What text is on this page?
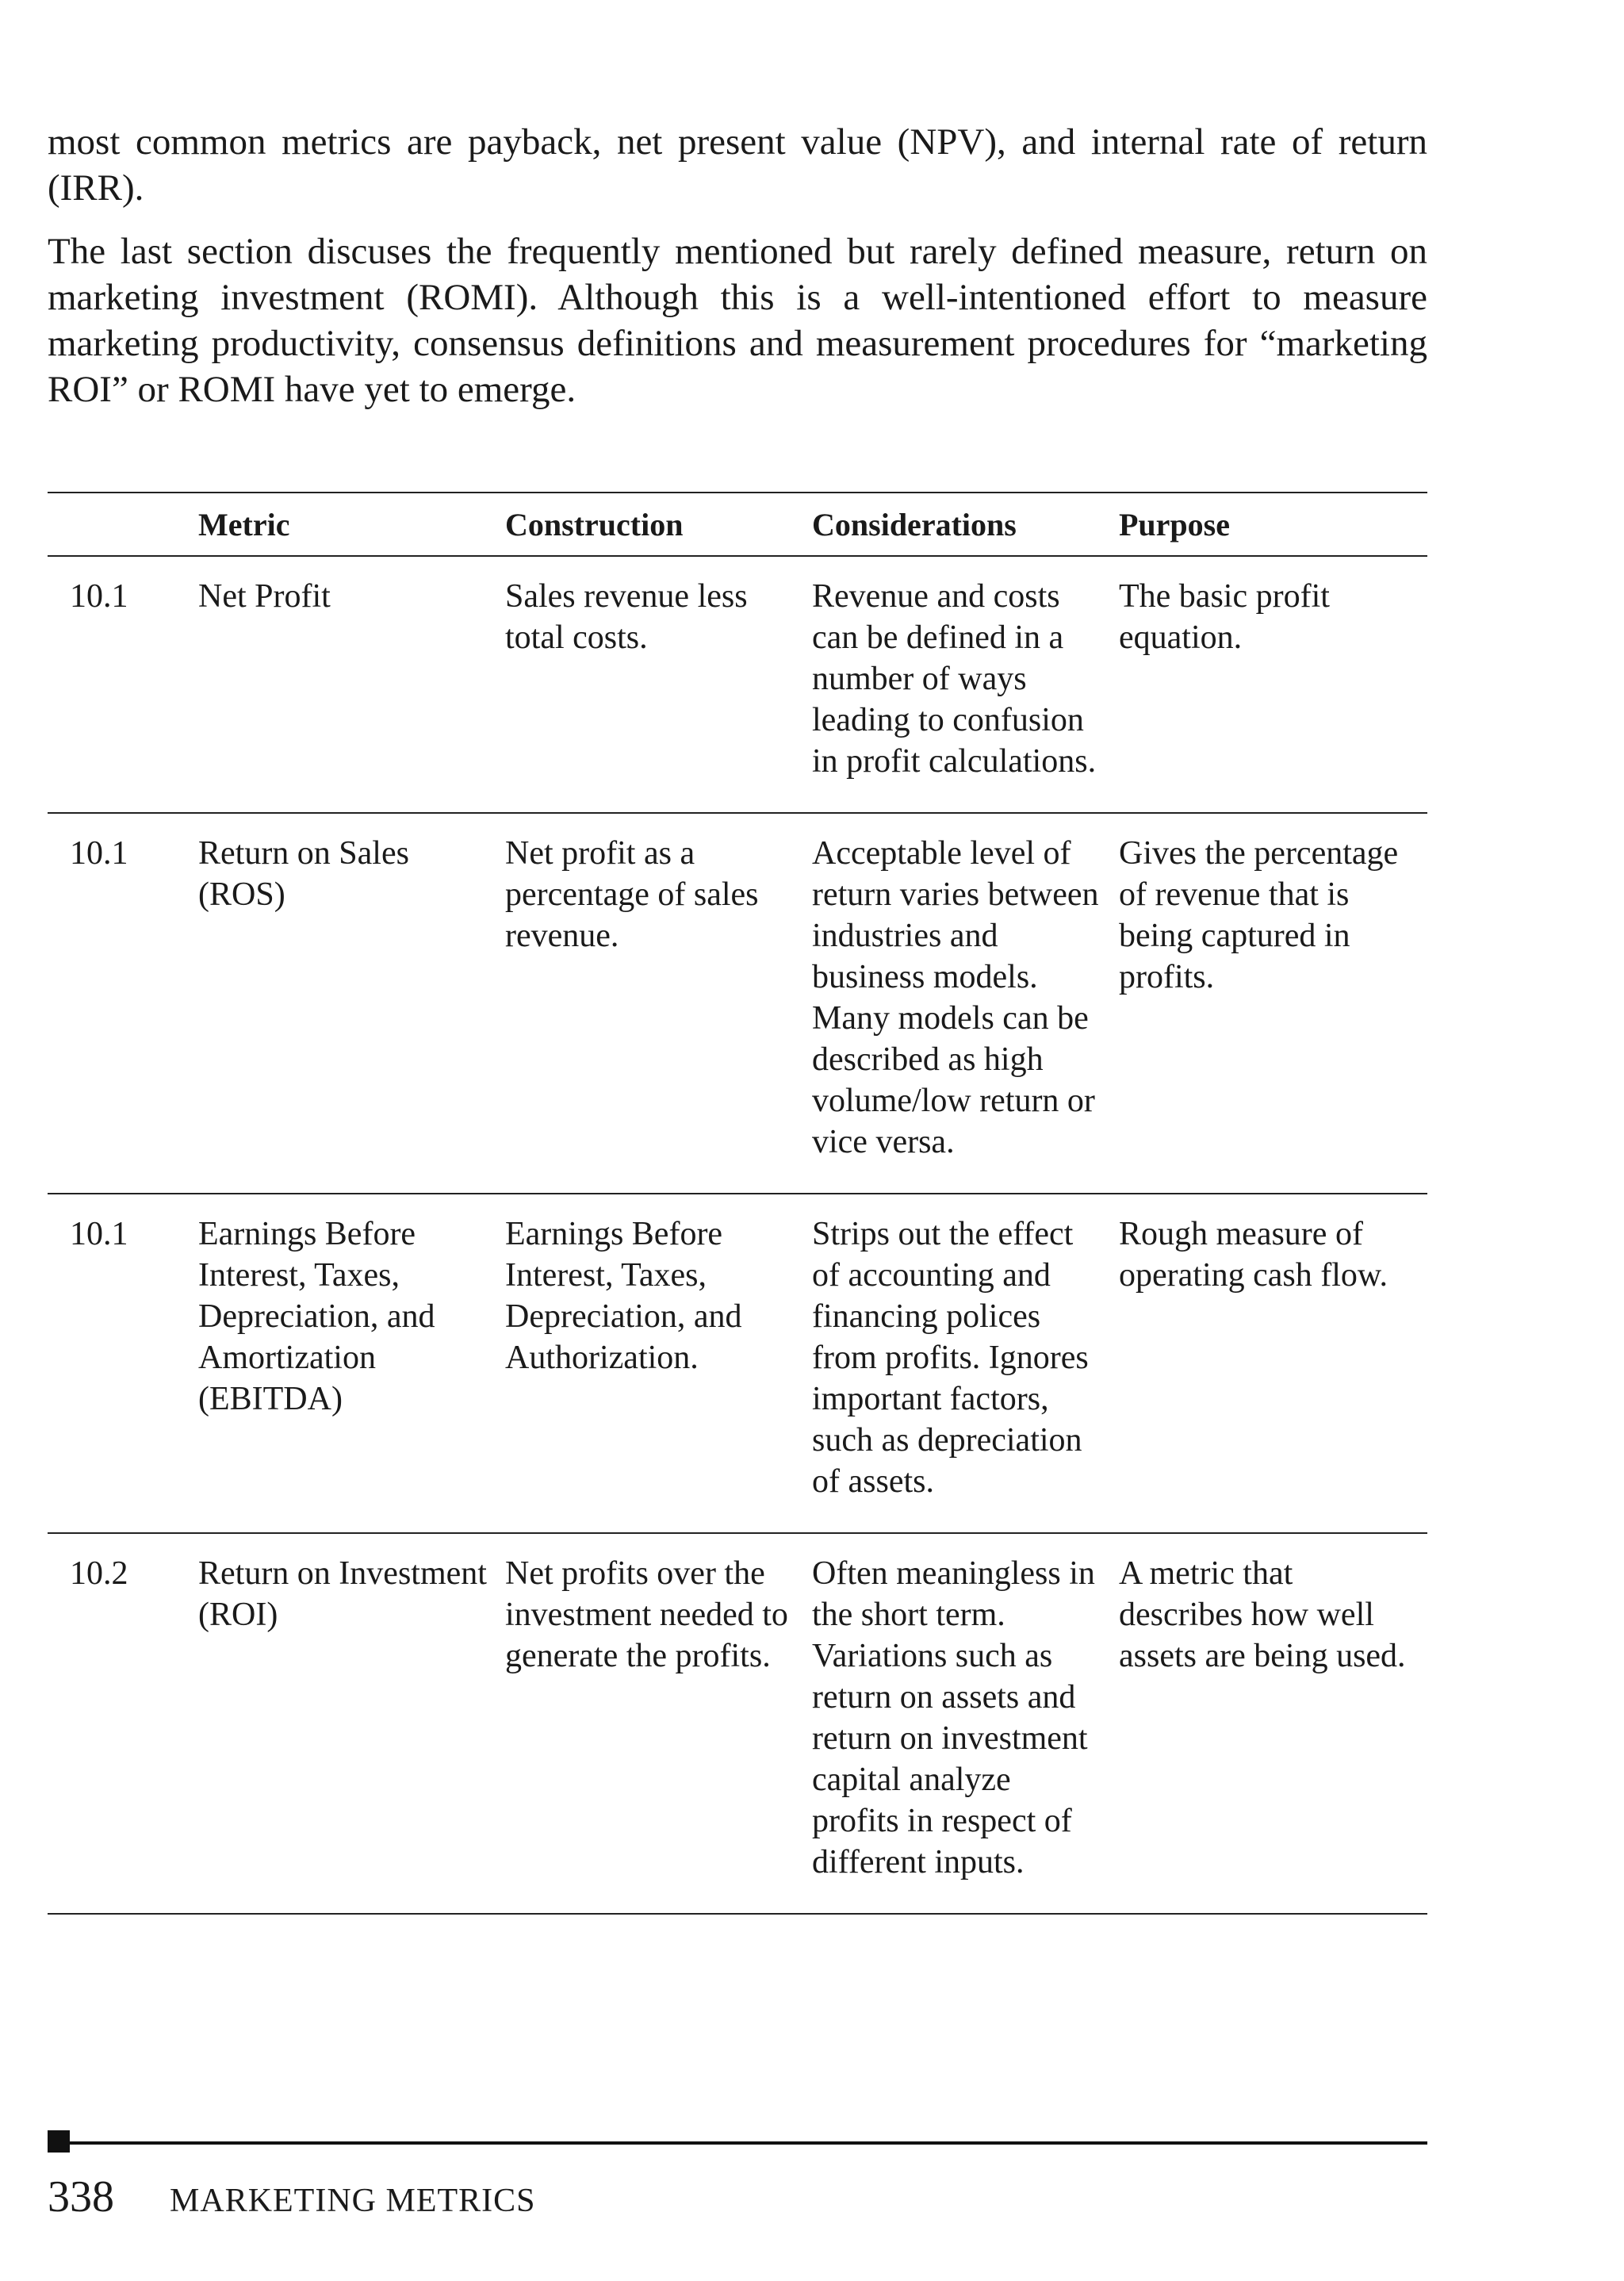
most common metrics are payback, net present value (NPV), and internal rate of return (IRR).

The last section discuses the frequently mentioned but rarely defined measure, return on marketing investment (ROMI). Although this is a well-intentioned effort to measure marketing productivity, consensus definitions and measurement procedures for “marketing ROI” or ROMI have yet to emerge.

	Metric	Construction	Considerations	Purpose
10.1	Net Profit	Sales revenue less total costs.	Revenue and costs can be defined in a number of ways leading to confusion in profit calculations.	The basic profit equation.
10.1	Return on Sales (ROS)	Net profit as a percentage of sales revenue.	Acceptable level of return varies between industries and business models. Many models can be described as high volume/low return or vice versa.	Gives the percentage of revenue that is being captured in profits.
10.1	Earnings Before Interest, Taxes, Depreciation, and Amortization (EBITDA)	Earnings Before Interest, Taxes, Depreciation, and Authorization.	Strips out the effect of accounting and financing polices from profits. Ignores important factors, such as depreciation of assets.	Rough measure of operating cash flow.
10.2	Return on Investment (ROI)	Net profits over the investment needed to generate the profits.	Often meaningless in the short term. Variations such as return on assets and return on investment capital analyze profits in respect of different inputs.	A metric that describes how well assets are being used.
338 MARKETING METRICS
